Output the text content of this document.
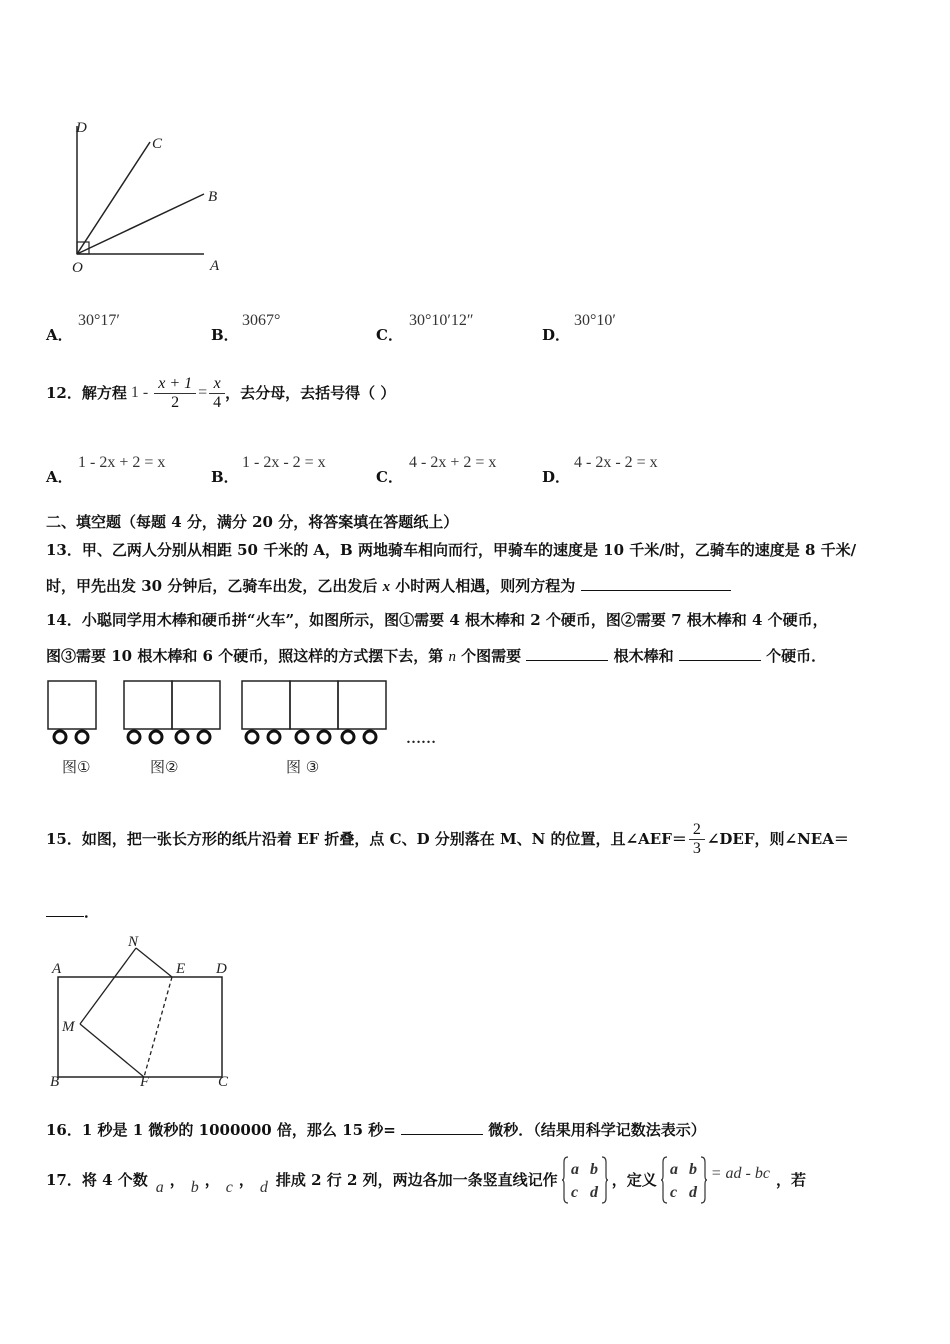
D
C
B
O	A
A．
30°17′
B．
3067°
C．
30°10′12″
D．
30°10′
12． 解方程 $1 - \frac{x + 1}{2} = \frac{x}{4}$ ，去分母，去括号得（ ）
A．
1 - 2x + 2 = x
B．
1 - 2x - 2 = x
C．
4 - 2x + 2 = x
D．
4 - 2x - 2 = x
二、填空题（每题 4 分，满分 20 分，将答案填在答题纸上）
13．甲、乙两人分别从相距 50 千米的 A，B 两地骑车相向而行，甲骑车的速度是 10 千米/时，乙骑车的速度是 8 千米/
时，甲先出发 30 分钟后，乙骑车出发，乙出发后 x 小时两人相遇，则列方程为
14．小聪同学用木棒和硬币拼“火车”，如图所示，图①需要 4 根木棒和 2 个硬币，图②需要 7 根木棒和 4 个硬币，
图③需要 10 根木棒和 6 个硬币，照这样的方式摆下去，第 n 个图需要	根木棒和	个硬币．
……
图①	图②	图 ③
15．如图，把一张长方形的纸片沿着 EF 折叠，点 C、D 分别落在 M、N 的位置，且∠AEF＝ $\frac{2}{3}$ ∠DEF，则∠NEA＝
．
A
N
E D
M
B	F	C
16．1 秒是 1 微秒的 1000000 倍，那么 15 秒=	微秒．（结果用科学记数法表示）
17．将 4 个数 a ， b ， c ， d 排成 2 行 2 列，两边各加一条竖直线记作
a b
c d
，定义
a b
c d
= ad - bc ，若
